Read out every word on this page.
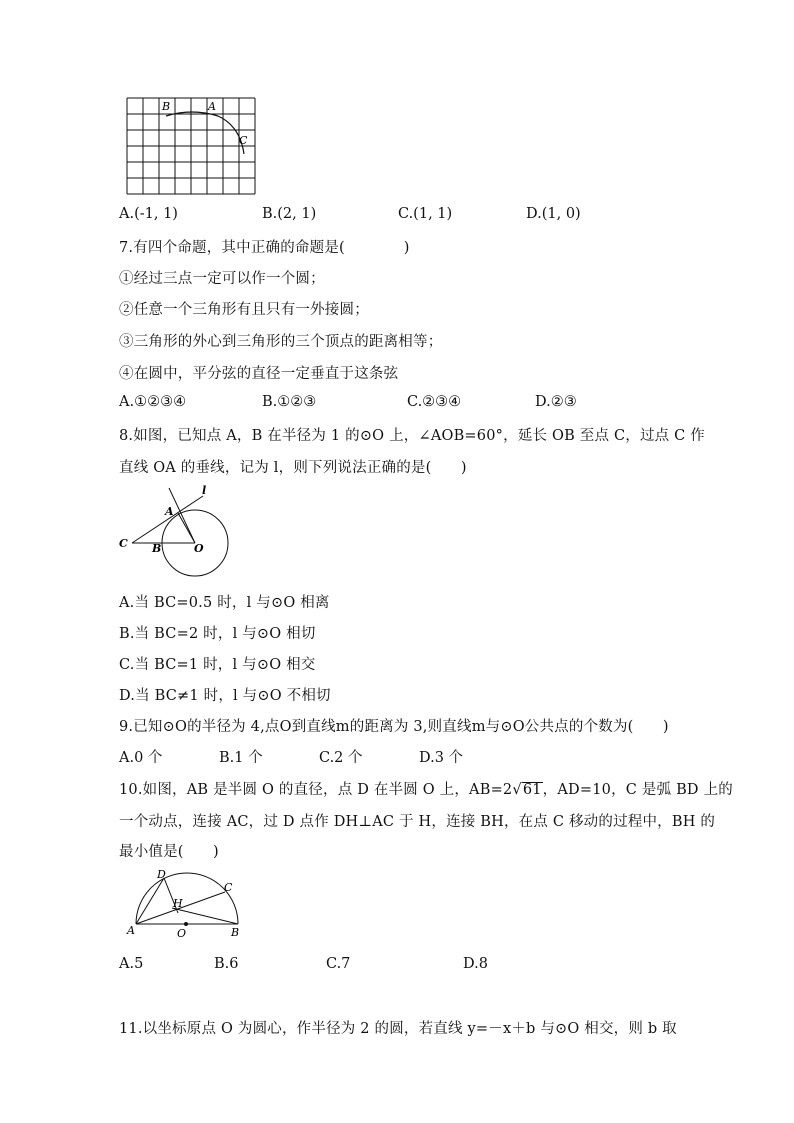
B	A
C
A.(-1, 1)	B.(2, 1)	C.(1, 1)	D.(1, 0)
7.有四个命题，其中正确的命题是(　　　　)
①经过三点一定可以作一个圆；
②任意一个三角形有且只有一外接圆；
③三角形的外心到三角形的三个顶点的距离相等；
④在圆中，平分弦的直径一定垂直于这条弦
A.①②③④	B.①②③	C.②③④	D.②③
8.如图，已知点 A，B 在半径为 1 的⊙O 上，∠AOB=60°，延长 OB 至点 C，过点 C 作
直线 OA 的垂线，记为 l，则下列说法正确的是(　　)
l
A
C B	O
A.当 BC=0.5 时，l 与⊙O 相离
B.当 BC=2 时，l 与⊙O 相切
C.当 BC=1 时，l 与⊙O 相交
D.当 BC≠1 时，l 与⊙O 不相切
9.已知⊙O的半径为 4,点O到直线m的距离为 3,则直线m与⊙O公共点的个数为(　　)
A.0 个	B.1 个	C.2 个	D.3 个
10.如图，AB 是半圆 O 的直径，点 D 在半圆 O 上，AB=2√61，AD=10，C 是弧 BD 上的
一个动点，连接 AC，过 D 点作 DH⊥AC 于 H，连接 BH，在点 C 移动的过程中，BH 的
最小值是(　　)
D
C
H
A	O	B
A.5	B.6	C.7	D.8
11.以坐标原点 O 为圆心，作半径为 2 的圆，若直线 y=－x＋b 与⊙O 相交，则 b 取
